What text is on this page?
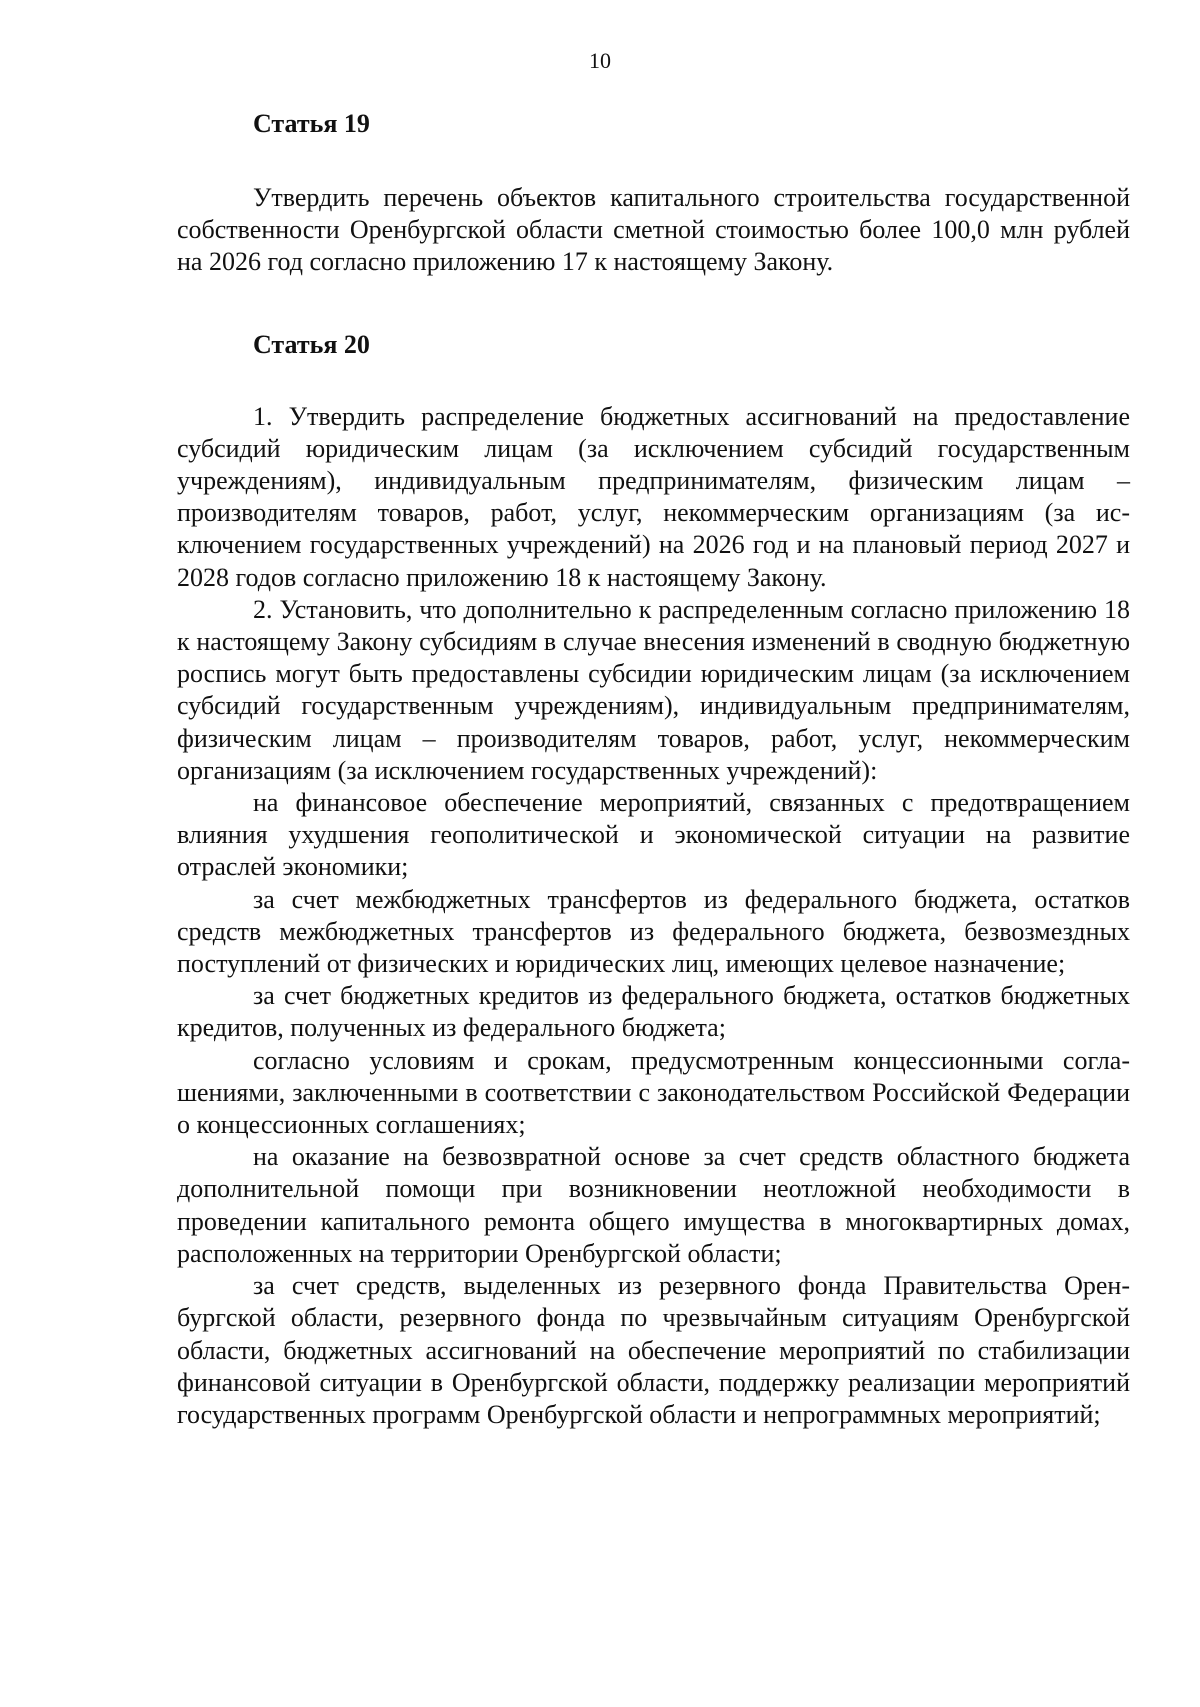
10
Статья 19

Утвердить перечень объектов капитального строительства государственной собственности Оренбургской области сметной стоимостью более 100,0 млн рублей на 2026 год согласно приложению 17 к настоящему Закону.

Статья 20

1. Утвердить распределение бюджетных ассигнований на предоставление субсидий юридическим лицам (за исключением субсидий государственным учреждениям), индивидуальным предпринимателям, физическим лицам – производителям товаров, работ, услуг, некоммерческим организациям (за исключением государственных учреждений) на 2026 год и на плановый период 2027 и 2028 годов согласно приложению 18 к настоящему Закону.

2. Установить, что дополнительно к распределенным согласно приложению 18 к настоящему Закону субсидиям в случае внесения изменений в сводную бюджетную роспись могут быть предоставлены субсидии юридическим лицам (за исключением субсидий государственным учреждениям), индивидуальным предпринимателям, физическим лицам – производителям товаров, работ, услуг, некоммерческим организациям (за исключением государственных учреждений):

на финансовое обеспечение мероприятий, связанных с предотвращением влияния ухудшения геополитической и экономической ситуации на развитие отраслей экономики;

за счет межбюджетных трансфертов из федерального бюджета, остатков средств межбюджетных трансфертов из федерального бюджета, безвозмездных поступлений от физических и юридических лиц, имеющих целевое назначение;

за счет бюджетных кредитов из федерального бюджета, остатков бюджетных кредитов, полученных из федерального бюджета;

согласно условиям и срокам, предусмотренным концессионными соглашениями, заключенными в соответствии с законодательством Российской Федерации о концессионных соглашениях;

на оказание на безвозвратной основе за счет средств областного бюджета дополнительной помощи при возникновении неотложной необходимости в проведении капитального ремонта общего имущества в многоквартирных домах, расположенных на территории Оренбургской области;

за счет средств, выделенных из резервного фонда Правительства Оренбургской области, резервного фонда по чрезвычайным ситуациям Оренбургской области, бюджетных ассигнований на обеспечение мероприятий по стабилизации финансовой ситуации в Оренбургской области, поддержку реализации мероприятий государственных программ Оренбургской области и непрограммных мероприятий;
